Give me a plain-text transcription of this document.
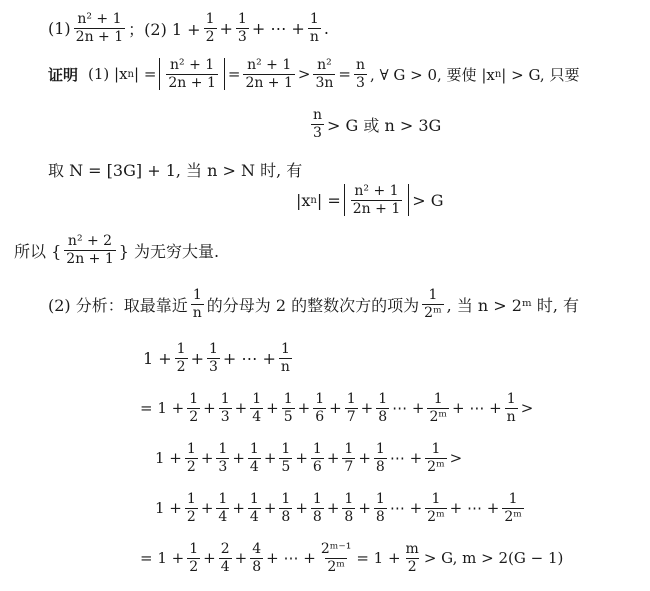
$(1) \frac{\text{n² + 1}}{2n + 1}$ ；(2) $1 + \frac{1}{2} + \frac{1}{3}$ + ⋯ + $\frac{1}{n}$ .
证明 (1) |x n | = $\frac{\text{n² + 1}}{2n + 1} = \frac{\text{n² + 1}}{2n + 1} > \frac{\text{n²}}{3n} = \frac{n}{3}$ , ∀ G > 0, 要使 |x n | > G, 只要
$\frac{n}{3} > G$ 或 n > 3G
取 N = [3G] + 1, 当 n > N 时, 有
|x n | = $\frac{\text{n² + 1}}{2n + 1} > G$
所以 { $\frac{\text{n² + 2}}{2n + 1}$ } 为无穷大量.
(2) 分析：取最靠近 $\frac{1}{n}$ 的分母为 2 的整数次方的项为 $\frac{1}{\text{2ᵐ}}$ , 当 n > 2ᵐ 时, 有
$1 + \frac{1}{2} + \frac{1}{3}$ + ⋯ + $\frac{1}{n}$
= $1 + \frac{1}{2} + \frac{1}{3} + \frac{1}{4} + \frac{1}{5} + \frac{1}{6} + \frac{1}{7} + \frac{1}{8}$ ⋯ + $\frac{1}{\text{2ᵐ}}$ + ⋯ + $\frac{1}{n}$ >
$1 + \frac{1}{2} + \frac{1}{3} + \frac{1}{4} + \frac{1}{5} + \frac{1}{6} + \frac{1}{7} + \frac{1}{8}$ ⋯ + $\frac{1}{\text{2ᵐ}}$ >
$1 + \frac{1}{2} + \frac{1}{4} + \frac{1}{4} + \frac{1}{8} + \frac{1}{8} + \frac{1}{8} + \frac{1}{8}$ ⋯ + $\frac{1}{\text{2ᵐ}}$ + ⋯ + $\frac{1}{\text{2ᵐ}}$
= $1 + \frac{1}{2} + \frac{2}{4} + \frac{4}{8}$ + ⋯ + $\frac{\text{2ᵐ⁻¹}}{\text{2ᵐ}} = 1 + \frac{m}{2} > G$, m > 2(G − 1)
